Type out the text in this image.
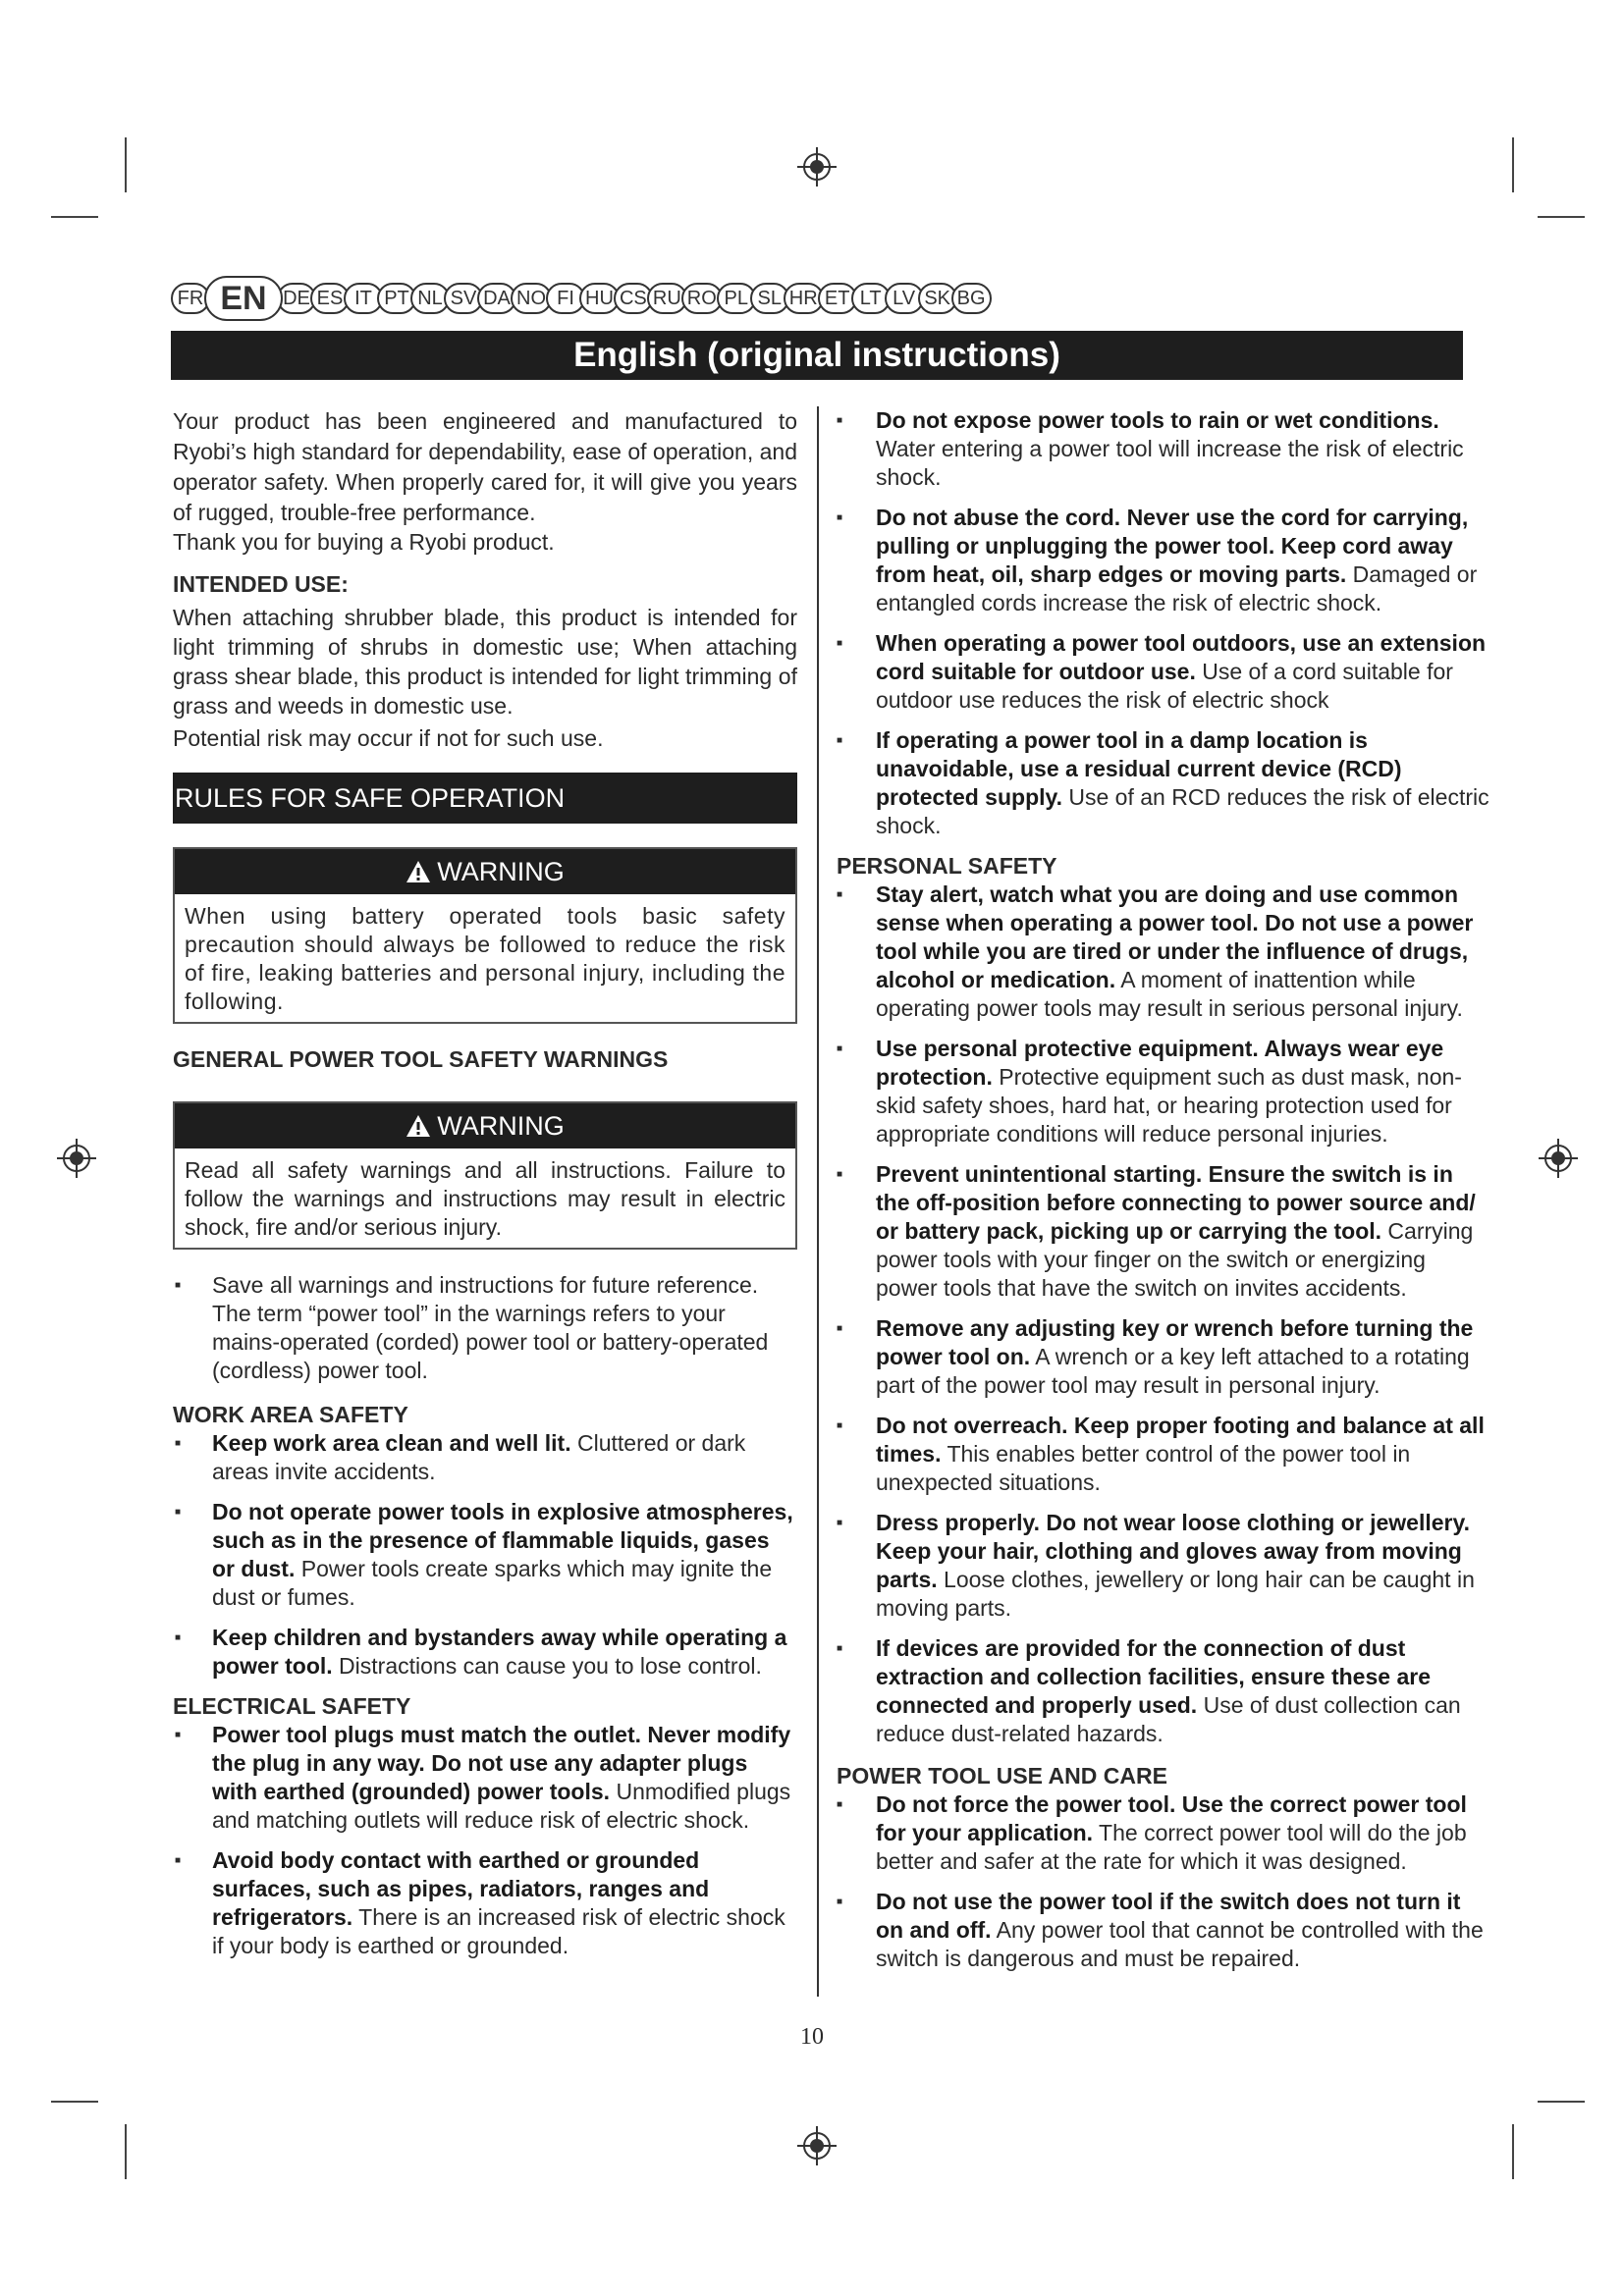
FR EN DE ES IT PT NL SV DA NO FI HU CS RU RO PL SL HR ET LT LV SK BG
English (original instructions)

Your product has been engineered and manufactured to Ryobi’s high standard for dependability, ease of operation, and operator safety. When properly cared for, it will give you years of rugged, trouble-free performance.

Thank you for buying a Ryobi product.

INTENDED USE:

When attaching shrubber blade, this product is intended for light trimming of shrubs in domestic use; When attaching grass shear blade, this product is intended for light trimming of grass and weeds in domestic use.

Potential risk may occur if not for such use.

RULES FOR SAFE OPERATION
WARNING
When using battery operated tools basic safety precaution should always be followed to reduce the risk of fire, leaking batteries and personal injury, including the following.

GENERAL POWER TOOL SAFETY WARNINGS

WARNING
Read all safety warnings and all instructions. Failure to follow the warnings and instructions may result in electric shock, fire and/or serious injury.

■ Save all warnings and instructions for future reference. The term “power tool” in the warnings refers to your mains-operated (corded) power tool or battery-operated (cordless) power tool.

WORK AREA SAFETY

■ Keep work area clean and well lit. Cluttered or dark areas invite accidents.

■ Do not operate power tools in explosive atmospheres, such as in the presence of flammable liquids, gases or dust. Power tools create sparks which may ignite the dust or fumes.

■ Keep children and bystanders away while operating a power tool. Distractions can cause you to lose control.

ELECTRICAL SAFETY

■ Power tool plugs must match the outlet. Never modify the plug in any way. Do not use any adapter plugs with earthed (grounded) power tools. Unmodified plugs and matching outlets will reduce risk of electric shock.

■ Avoid body contact with earthed or grounded surfaces, such as pipes, radiators, ranges and refrigerators. There is an increased risk of electric shock if your body is earthed or grounded.

■ Do not expose power tools to rain or wet conditions. Water entering a power tool will increase the risk of electric shock.

■ Do not abuse the cord. Never use the cord for carrying, pulling or unplugging the power tool. Keep cord away from heat, oil, sharp edges or moving parts. Damaged or entangled cords increase the risk of electric shock.

■ When operating a power tool outdoors, use an extension cord suitable for outdoor use. Use of a cord suitable for outdoor use reduces the risk of electric shock

■ If operating a power tool in a damp location is unavoidable, use a residual current device (RCD) protected supply. Use of an RCD reduces the risk of electric shock.

PERSONAL SAFETY

■ Stay alert, watch what you are doing and use common sense when operating a power tool. Do not use a power tool while you are tired or under the influence of drugs, alcohol or medication. A moment of inattention while operating power tools may result in serious personal injury.

■ Use personal protective equipment. Always wear eye protection. Protective equipment such as dust mask, non-skid safety shoes, hard hat, or hearing protection used for appropriate conditions will reduce personal injuries.

■ Prevent unintentional starting. Ensure the switch is in the off-position before connecting to power source and/ or battery pack, picking up or carrying the tool. Carrying power tools with your finger on the switch or energizing power tools that have the switch on invites accidents.

■ Remove any adjusting key or wrench before turning the power tool on. A wrench or a key left attached to a rotating part of the power tool may result in personal injury.

■ Do not overreach. Keep proper footing and balance at all times. This enables better control of the power tool in unexpected situations.

■ Dress properly. Do not wear loose clothing or jewellery. Keep your hair, clothing and gloves away from moving parts. Loose clothes, jewellery or long hair can be caught in moving parts.

■ If devices are provided for the connection of dust extraction and collection facilities, ensure these are connected and properly used. Use of dust collection can reduce dust-related hazards.

POWER TOOL USE AND CARE

■ Do not force the power tool. Use the correct power tool for your application. The correct power tool will do the job better and safer at the rate for which it was designed.

■ Do not use the power tool if the switch does not turn it on and off. Any power tool that cannot be controlled with the switch is dangerous and must be repaired.

10
